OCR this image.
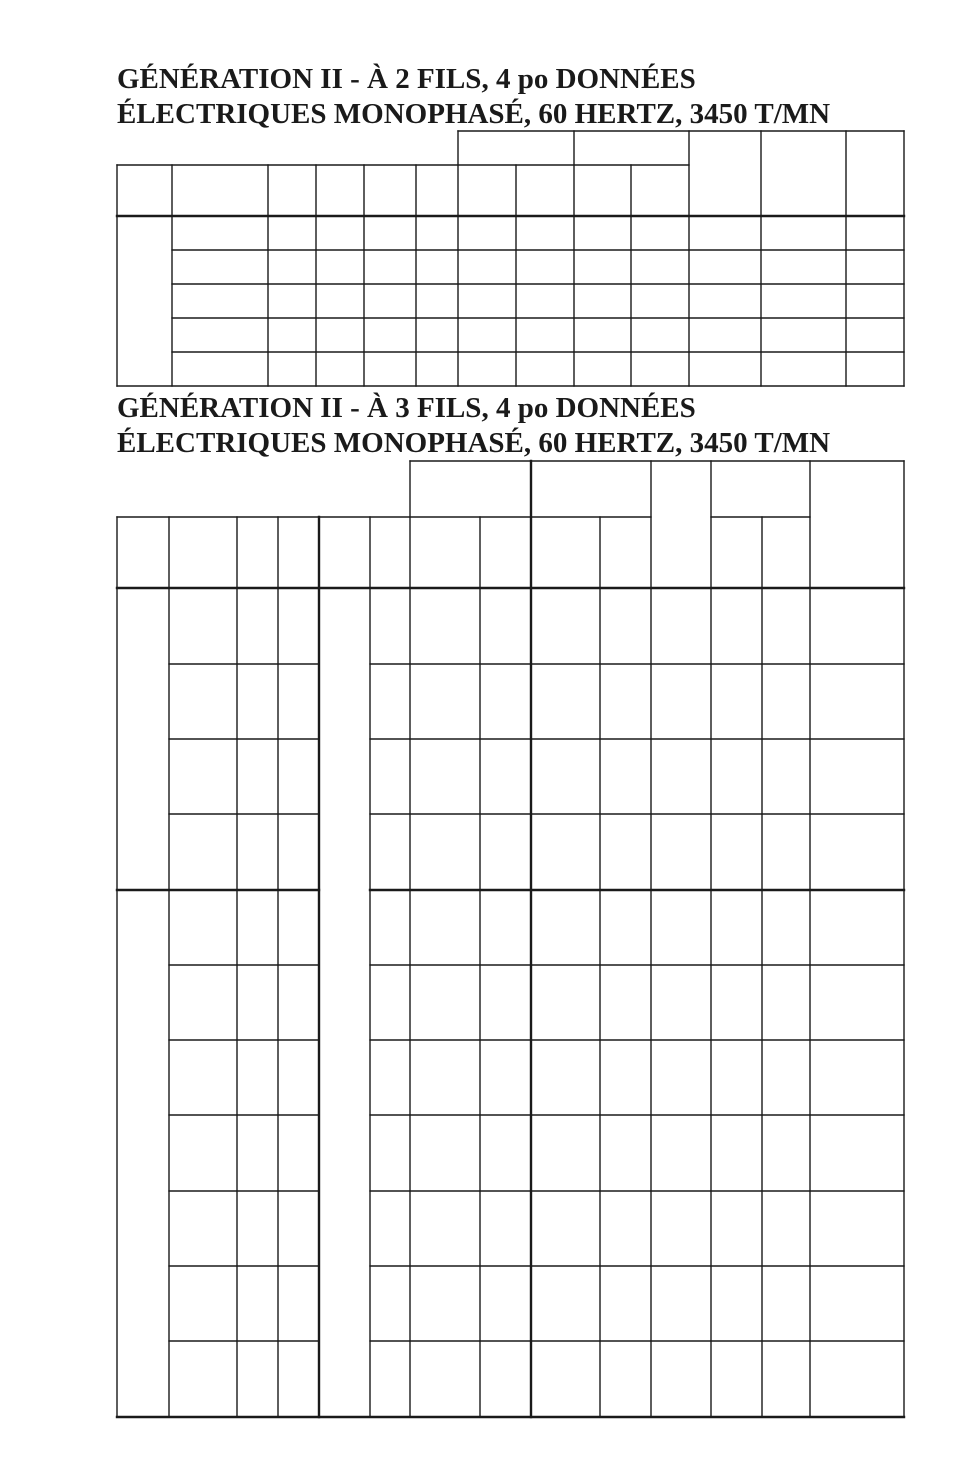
GÉNÉRATION II - À 2 FILS, 4 po DONNÉES
ÉLECTRIQUES MONOPHASÉ, 60 HERTZ, 3450 T/MN
GÉNÉRATION II - À 3 FILS, 4 po DONNÉES
ÉLECTRIQUES MONOPHASÉ, 60 HERTZ, 3450 T/MN
